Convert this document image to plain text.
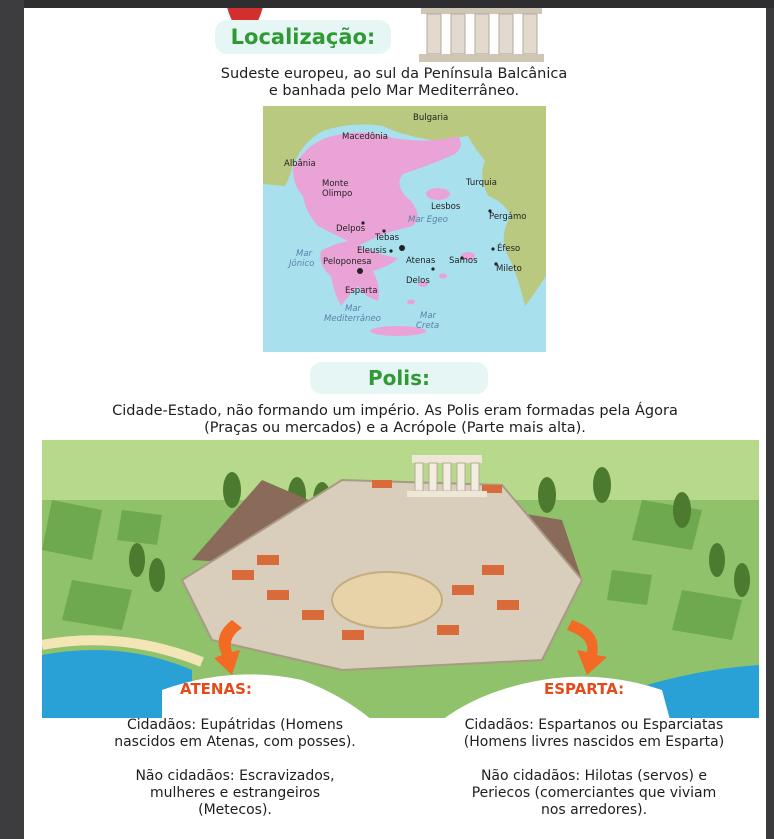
Localização:
Sudeste europeu, ao sul da Península Balcânica
e banhada pelo Mar Mediterrâneo.
Macedônia
Bulgaria
Albânia
Monte
Olimpo
Turquia
Lesbos
Pergámo
Delpos
Tebas
Eleusis
Atenas
Éfeso
Peloponesa	Samos
Mileto
Delos
Esparta
Mar Egeo
Mar
Jônico
Mar
Mediterrâneo	Mar
Creta
Polis:
Cidade-Estado, não formando um império. As Polis eram formadas pela Ágora
(Praças ou mercados) e a Acrópole (Parte mais alta).
ATENAS:	ESPARTA:
Cidadãos: Eupátridas (Homens
nascidos em Atenas, com posses).
Não cidadãos: Escravizados,
mulheres e estrangeiros
(Metecos).
Cidadãos: Espartanos ou Esparciatas
(Homens livres nascidos em Esparta)
Não cidadãos: Hilotas (servos) e
Periecos (comerciantes que viviam
nos arredores).
